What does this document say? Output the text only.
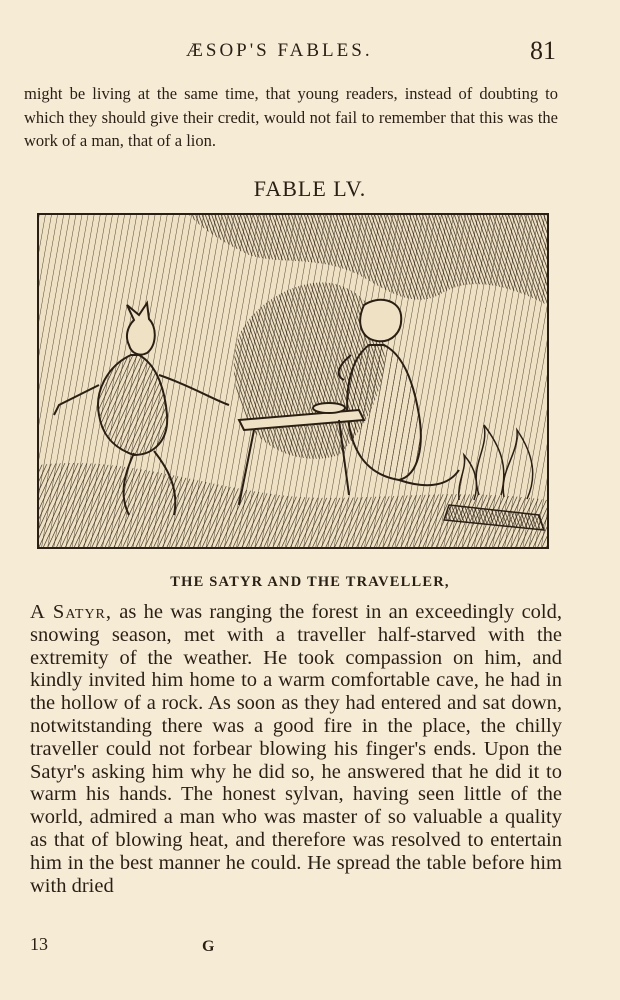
ÆSOP'S FABLES.	81

might be living at the same time, that young readers, instead of doubting to which they should give their credit, would not fail to remember that this was the work of a man, that of a lion.

FABLE LV.
THE SATYR AND THE TRAVELLER,

A Satyr, as he was ranging the forest in an exceedingly cold, snowing season, met with a traveller half-starved with the extremity of the weather. He took compassion on him, and kindly invited him home to a warm comfortable cave, he had in the hollow of a rock. As soon as they had entered and sat down, notwitstanding there was a good fire in the place, the chilly traveller could not forbear blowing his finger's ends. Upon the Satyr's asking him why he did so, he answered that he did it to warm his hands. The honest sylvan, having seen little of the world, admired a man who was master of so valuable a quality as that of blowing heat, and therefore was resolved to entertain him in the best manner he could. He spread the table before him with dried

13	G
